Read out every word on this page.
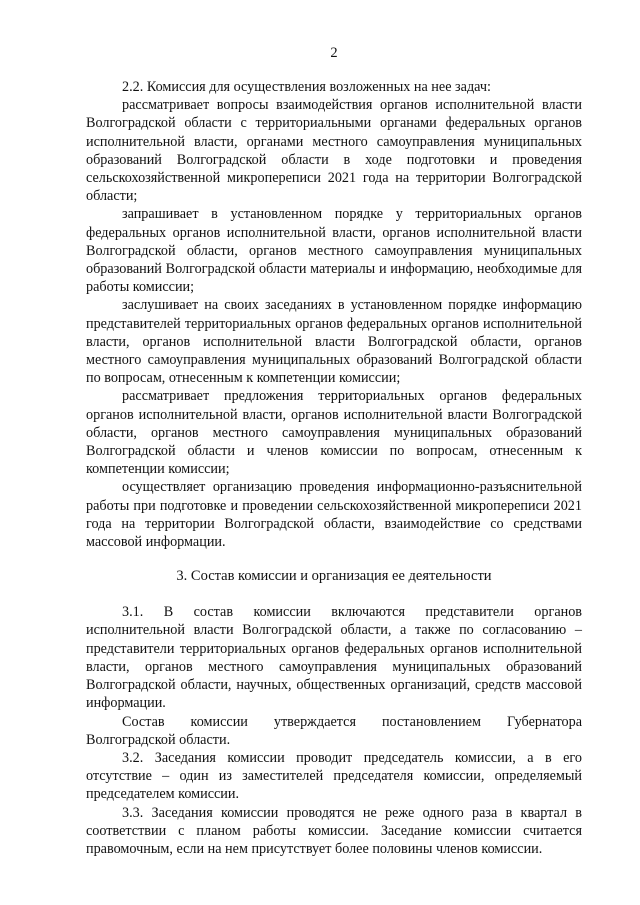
2

2.2. Комиссия для осуществления возложенных на нее задач:

рассматривает вопросы взаимодействия органов исполнительной власти Волгоградской области с территориальными органами федеральных органов исполнительной власти, органами местного самоуправления муниципальных образований Волгоградской области в ходе подготовки и проведения сельскохозяйственной микропереписи 2021 года на территории Волгоградской области;

запрашивает в установленном порядке у территориальных органов федеральных органов исполнительной власти, органов исполнительной власти Волгоградской области, органов местного самоуправления муниципальных образований Волгоградской области материалы и информацию, необходимые для работы комиссии;

заслушивает на своих заседаниях в установленном порядке информацию представителей территориальных органов федеральных органов исполнительной власти, органов исполнительной власти Волгоградской области, органов местного самоуправления муниципальных образований Волгоградской области по вопросам, отнесенным к компетенции комиссии;

рассматривает предложения территориальных органов федеральных органов исполнительной власти, органов исполнительной власти Волгоградской области, органов местного самоуправления муниципальных образований Волгоградской области и членов комиссии по вопросам, отнесенным к компетенции комиссии;

осуществляет организацию проведения информационно-разъяснительной работы при подготовке и проведении сельскохозяйственной микропереписи 2021 года на территории Волгоградской области, взаимодействие со средствами массовой информации.

3. Состав комиссии и организация ее деятельности

3.1. В состав комиссии включаются представители органов исполнительной власти Волгоградской области, а также по согласованию – представители территориальных органов федеральных органов исполнительной власти, органов местного самоуправления муниципальных образований Волгоградской области, научных, общественных организаций, средств массовой информации.

Состав комиссии утверждается постановлением Губернатора Волгоградской области.

3.2. Заседания комиссии проводит председатель комиссии, а в его отсутствие – один из заместителей председателя комиссии, определяемый председателем комиссии.

3.3. Заседания комиссии проводятся не реже одного раза в квартал в соответствии с планом работы комиссии. Заседание комиссии считается правомочным, если на нем присутствует более половины членов комиссии.
